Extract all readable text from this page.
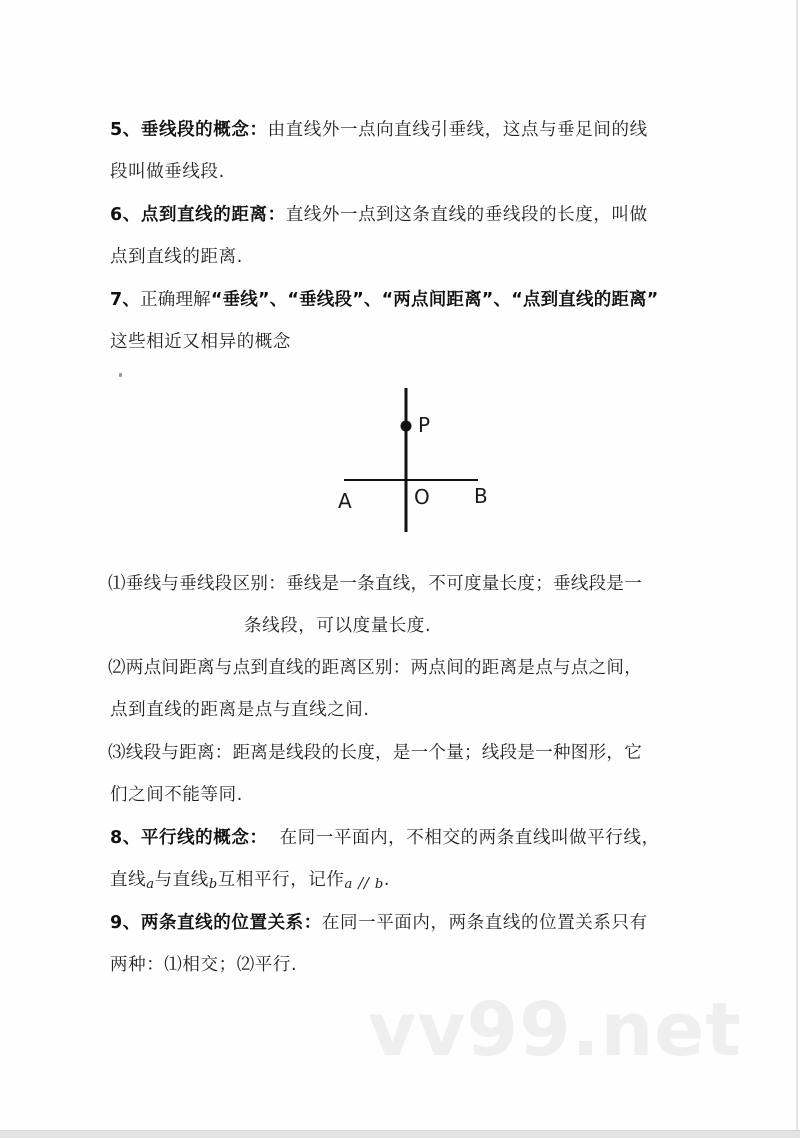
5、垂线段的概念：由直线外一点向直线引垂线，这点与垂足间的线
段叫做垂线段.
6、点到直线的距离：直线外一点到这条直线的垂线段的长度，叫做
点到直线的距离.
7、正确理解“垂线”、“垂线段”、“两点间距离”、“点到直线的距离”
这些相近又相异的概念
P
A	O B
⑴垂线与垂线段区别：垂线是一条直线，不可度量长度；垂线段是一
条线段，可以度量长度.
⑵两点间距离与点到直线的距离区别：两点间的距离是点与点之间，
点到直线的距离是点与直线之间.
⑶线段与距离：距离是线段的长度，是一个量；线段是一种图形，它
们之间不能等同.
8、平行线的概念： 在同一平面内，不相交的两条直线叫做平行线，
直线a与直线b互相平行，记作a // b.
9、两条直线的位置关系：在同一平面内，两条直线的位置关系只有
两种：⑴相交；⑵平行.
vv99.net
